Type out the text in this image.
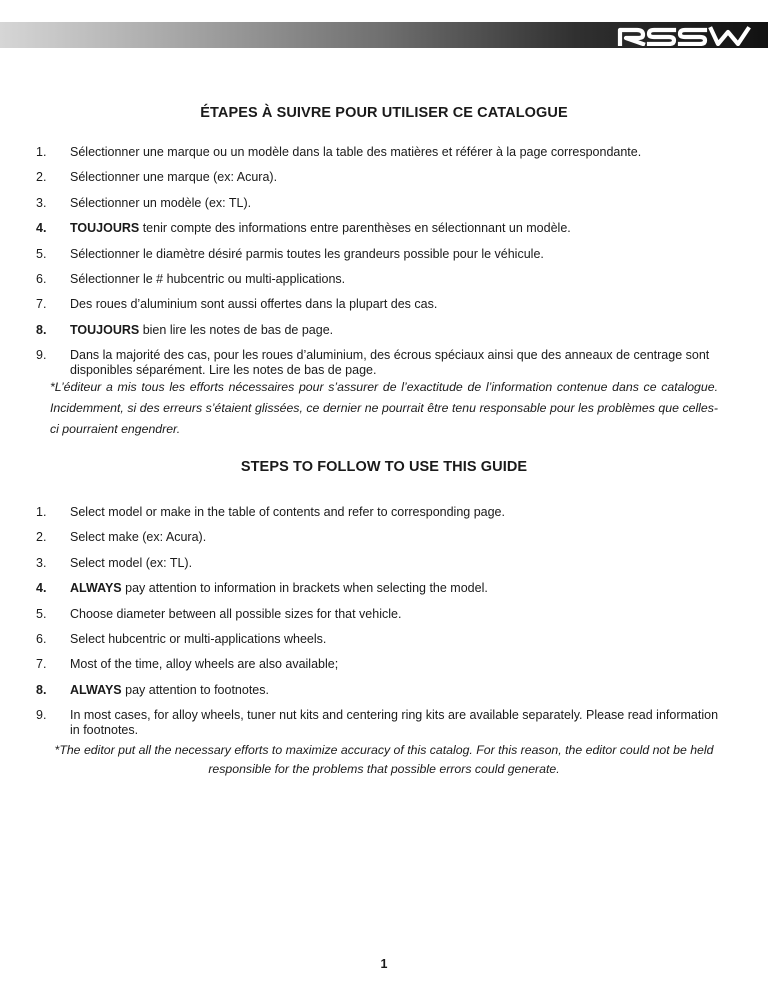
ÉTAPES À SUIVRE POUR UTILISER CE CATALOGUE
1. Sélectionner une marque ou un modèle dans la table des matières et référer à la page correspondante.
2. Sélectionner une marque (ex: Acura).
3. Sélectionner un modèle (ex: TL).
4. TOUJOURS tenir compte des informations entre parenthèses en sélectionnant un modèle.
5. Sélectionner le diamètre désiré parmis toutes les grandeurs possible pour le véhicule.
6. Sélectionner le # hubcentric ou multi-applications.
7. Des roues d’aluminium sont aussi offertes dans la plupart des cas.
8. TOUJOURS bien lire les notes de bas de page.
9. Dans la majorité des cas, pour les roues d’aluminium, des écrous spéciaux ainsi que des anneaux de centrage sont disponibles séparément. Lire les notes de bas de page.

*L’éditeur a mis tous les efforts nécessaires pour s’assurer de l’exactitude de l’information contenue dans ce catalogue. Incidemment, si des erreurs s’étaient glissées, ce dernier ne pourrait être tenu responsable pour les problèmes que celles-ci pourraient engendrer.

STEPS TO FOLLOW TO USE THIS GUIDE
1. Select model or make in the table of contents and refer to corresponding page.
2. Select make (ex: Acura).
3. Select model (ex: TL).
4. ALWAYS pay attention to information in brackets when selecting the model.
5. Choose diameter between all possible sizes for that vehicle.
6. Select hubcentric or multi-applications wheels.
7. Most of the time, alloy wheels are also available;
8. ALWAYS pay attention to footnotes.
9. In most cases, for alloy wheels, tuner nut kits and centering ring kits are available separately. Please read information in footnotes.

*The editor put all the necessary efforts to maximize accuracy of this catalog. For this reason, the editor could not be held responsible for the problems that possible errors could generate.

1
